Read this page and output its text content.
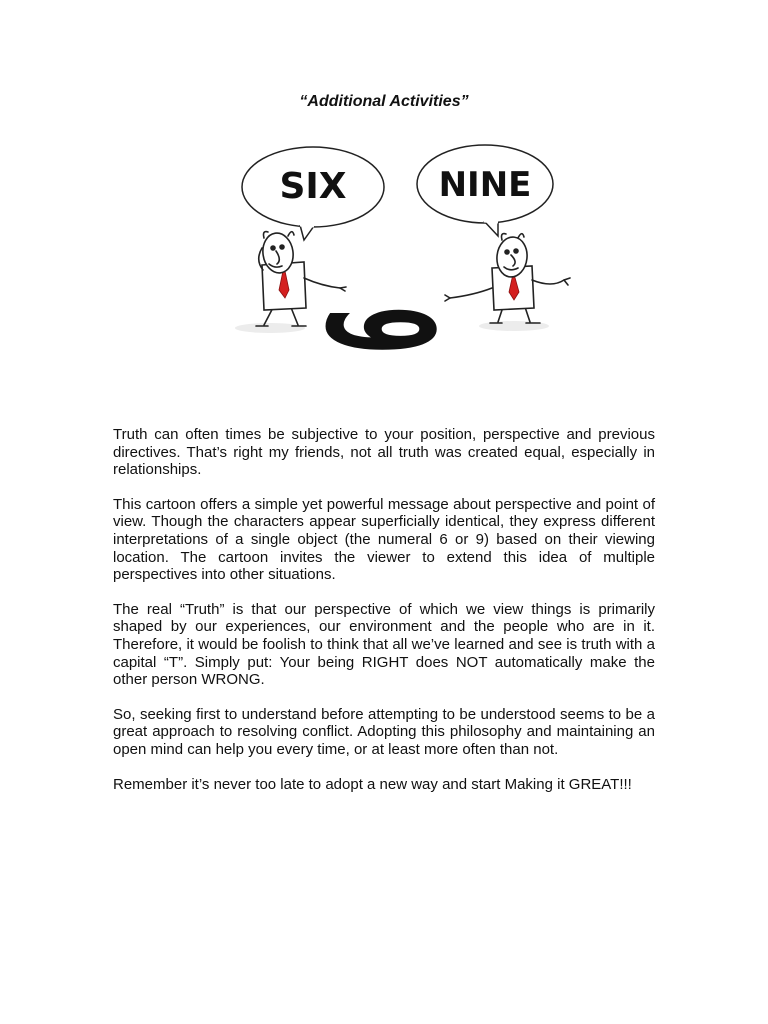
“Additional Activities”
SIX	NINE
6

Truth can often times be subjective to your position, perspective and previous directives. That’s right my friends, not all truth was created equal, especially in relationships.

This cartoon offers a simple yet powerful message about perspective and point of view. Though the characters appear superficially identical, they express different interpretations of a single object (the numeral 6 or 9) based on their viewing location. The cartoon invites the viewer to extend this idea of multiple perspectives into other situations.

The real “Truth” is that our perspective of which we view things is primarily shaped by our experiences, our environment and the people who are in it. Therefore, it would be foolish to think that all we’ve learned and see is truth with a capital “T”. Simply put: Your being RIGHT does NOT automatically make the other person WRONG.

So, seeking first to understand before attempting to be understood seems to be a great approach to resolving conflict. Adopting this philosophy and maintaining an open mind can help you every time, or at least more often than not.

Remember it’s never too late to adopt a new way and start Making it GREAT!!!
